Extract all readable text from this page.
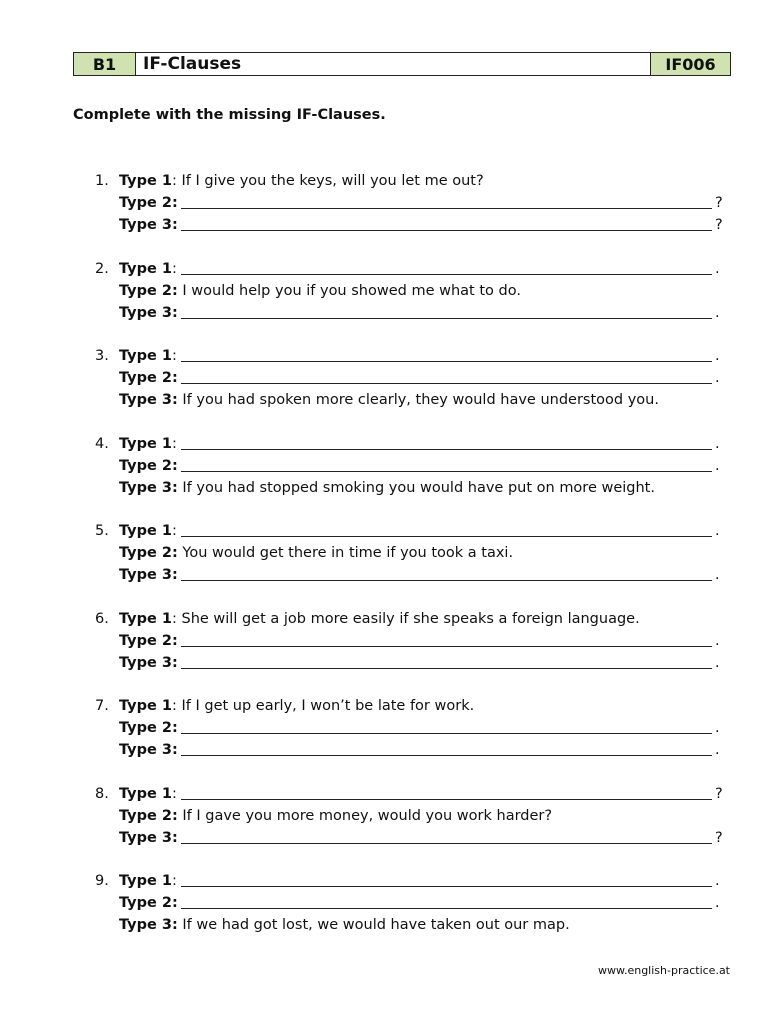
B1	IF-Clauses	IF006

Complete with the missing IF-Clauses.

1. Type 1: If I give you the keys, will you let me out?
Type 2:	?
Type 3:	?
2. Type 1:	.
Type 2: I would help you if you showed me what to do.
Type 3:	.
3. Type 1:	.
Type 2:	.
Type 3: If you had spoken more clearly, they would have understood you.
4. Type 1:	.
Type 2:	.
Type 3: If you had stopped smoking you would have put on more weight.
5. Type 1:	.
Type 2: You would get there in time if you took a taxi.
Type 3:	.
6. Type 1: She will get a job more easily if she speaks a foreign language.
Type 2:	.
Type 3:	.
7. Type 1: If I get up early, I won’t be late for work.
Type 2:	.
Type 3:	.
8. Type 1:	?
Type 2: If I gave you more money, would you work harder?
Type 3:	?
9. Type 1:	.
Type 2:	.
Type 3: If we had got lost, we would have taken out our map.
www.english-practice.at
